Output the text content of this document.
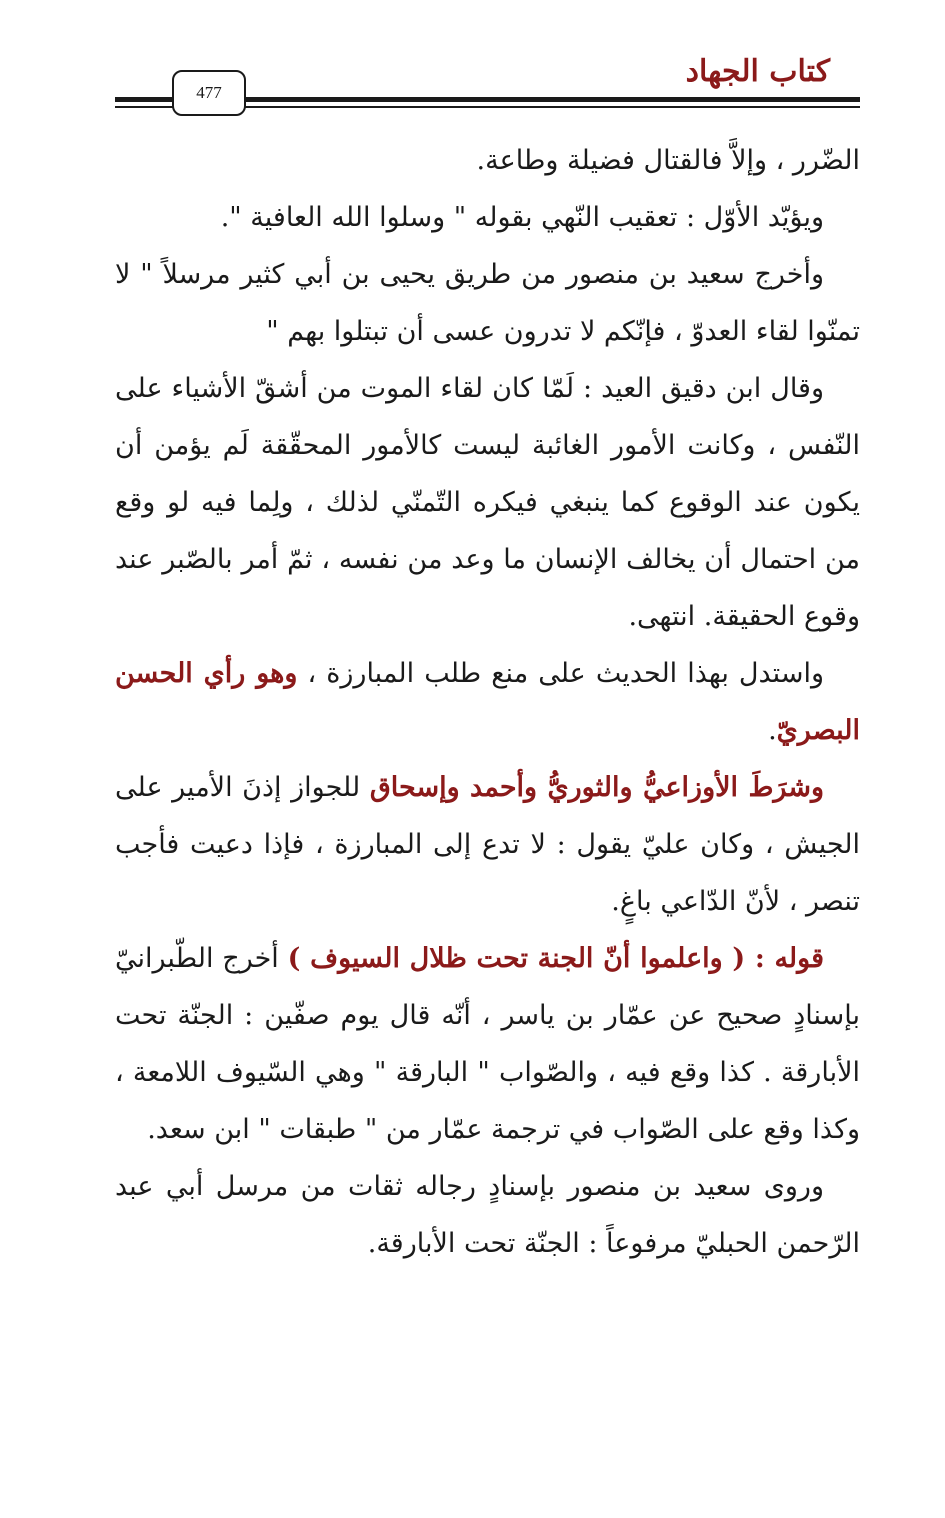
كتاب الجهاد
477

الضّرر ، وإلاَّ فالقتال فضيلة وطاعة.

ويؤيّد الأوّل : تعقيب النّهي بقوله " وسلوا الله العافية ".

وأخرج سعيد بن منصور من طريق يحيى بن أبي كثير مرسلاً " لا تمنّوا لقاء العدوّ ، فإنّكم لا تدرون عسى أن تبتلوا بهم "

وقال ابن دقيق العيد : لَمّا كان لقاء الموت من أشقّ الأشياء على النّفس ، وكانت الأمور الغائبة ليست كالأمور المحقّقة لَم يؤمن أن يكون عند الوقوع كما ينبغي فيكره التّمنّي لذلك ، ولِما فيه لو وقع من احتمال أن يخالف الإنسان ما وعد من نفسه ، ثمّ أمر بالصّبر عند وقوع الحقيقة. انتهى.

واستدل بهذا الحديث على منع طلب المبارزة ، وهو رأي الحسن البصريّ.

وشرَطَ الأوزاعيُّ والثوريُّ وأحمد وإسحاق للجواز إذنَ الأمير على الجيش ، وكان عليّ يقول : لا تدع إلى المبارزة ، فإذا دعيت فأجب تنصر ، لأنّ الدّاعي باغٍ.

قوله : ( واعلموا أنّ الجنة تحت ظلال السيوف ) أخرج الطّبرانيّ بإسنادٍ صحيح عن عمّار بن ياسر ، أنّه قال يوم صفّين : الجنّة تحت الأبارقة . كذا وقع فيه ، والصّواب " البارقة " وهي السّيوف اللامعة ، وكذا وقع على الصّواب في ترجمة عمّار من " طبقات " ابن سعد.

وروى سعيد بن منصور بإسنادٍ رجاله ثقات من مرسل أبي عبد الرّحمن الحبليّ مرفوعاً : الجنّة تحت الأبارقة.
